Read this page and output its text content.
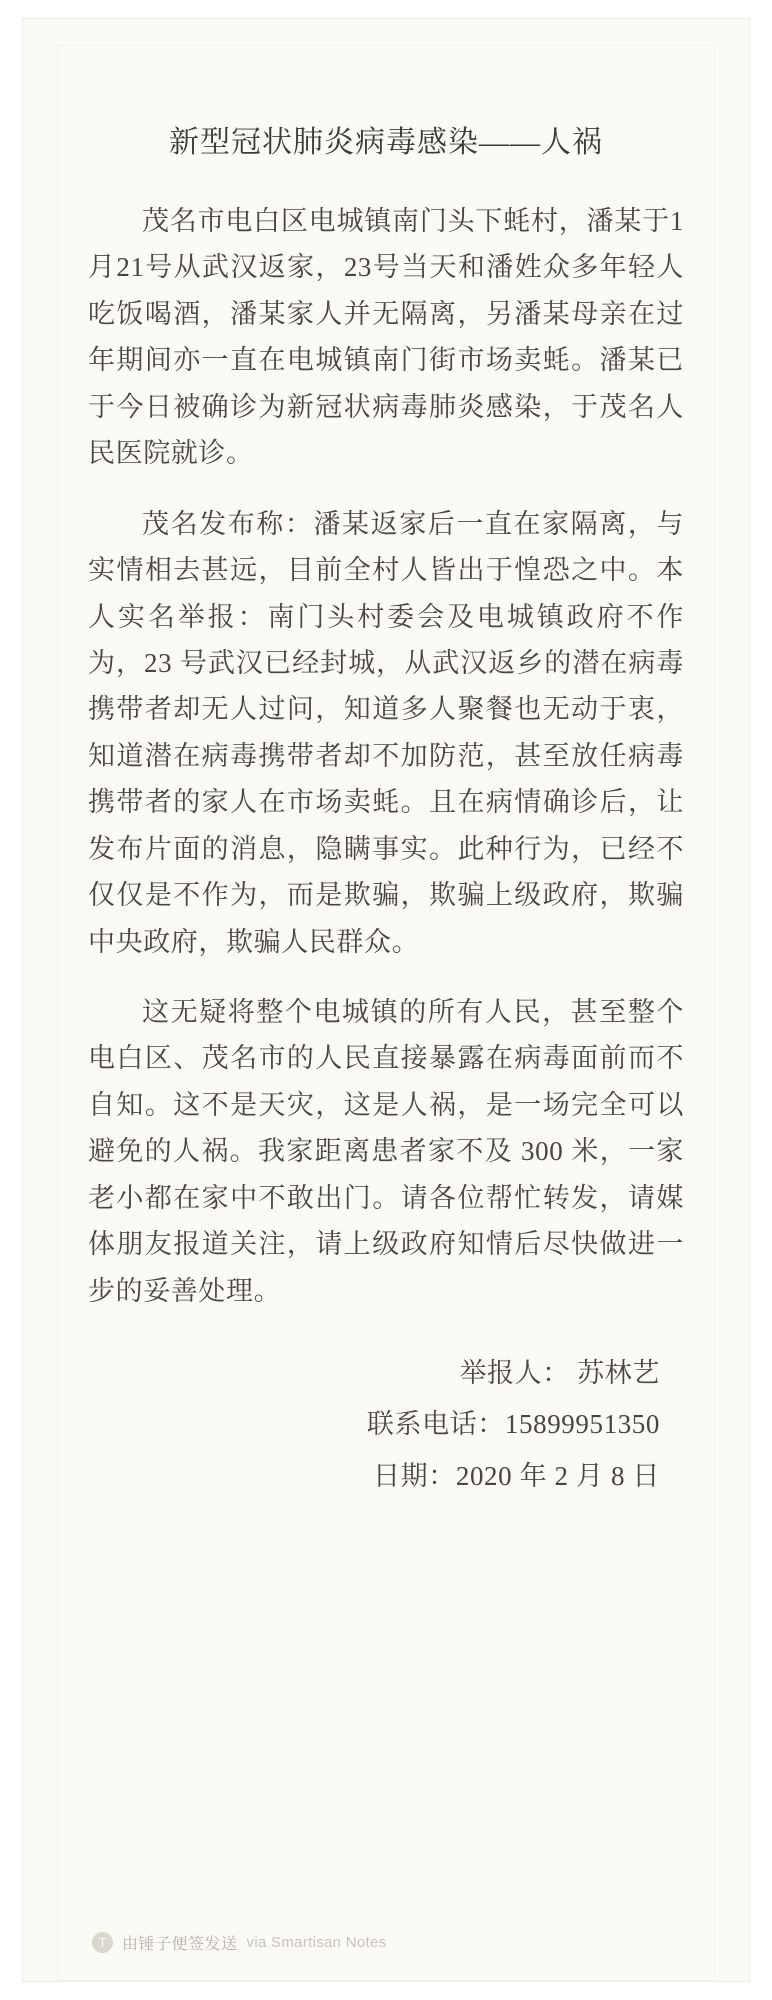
新型冠状肺炎病毒感染——人祸

茂名市电白区电城镇南门头下蚝村，潘某于1月21号从武汉返家，23号当天和潘姓众多年轻人吃饭喝酒，潘某家人并无隔离，另潘某母亲在过年期间亦一直在电城镇南门街市场卖蚝。潘某已于今日被确诊为新冠状病毒肺炎感染，于茂名人民医院就诊。

茂名发布称：潘某返家后一直在家隔离，与实情相去甚远，目前全村人皆出于惶恐之中。本人实名举报：南门头村委会及电城镇政府不作为，23 号武汉已经封城，从武汉返乡的潜在病毒携带者却无人过问，知道多人聚餐也无动于衷，知道潜在病毒携带者却不加防范，甚至放任病毒携带者的家人在市场卖蚝。且在病情确诊后，让发布片面的消息，隐瞒事实。此种行为，已经不仅仅是不作为，而是欺骗，欺骗上级政府，欺骗中央政府，欺骗人民群众。

这无疑将整个电城镇的所有人民，甚至整个电白区、茂名市的人民直接暴露在病毒面前而不自知。这不是天灾，这是人祸，是一场完全可以避免的人祸。我家距离患者家不及 300 米，一家老小都在家中不敢出门。请各位帮忙转发，请媒体朋友报道关注，请上级政府知情后尽快做进一步的妥善处理。

举报人： 苏林艺
联系电话：15899951350
日期：2020 年 2 月 8 日
T 由锤子便签发送 via Smartisan Notes
